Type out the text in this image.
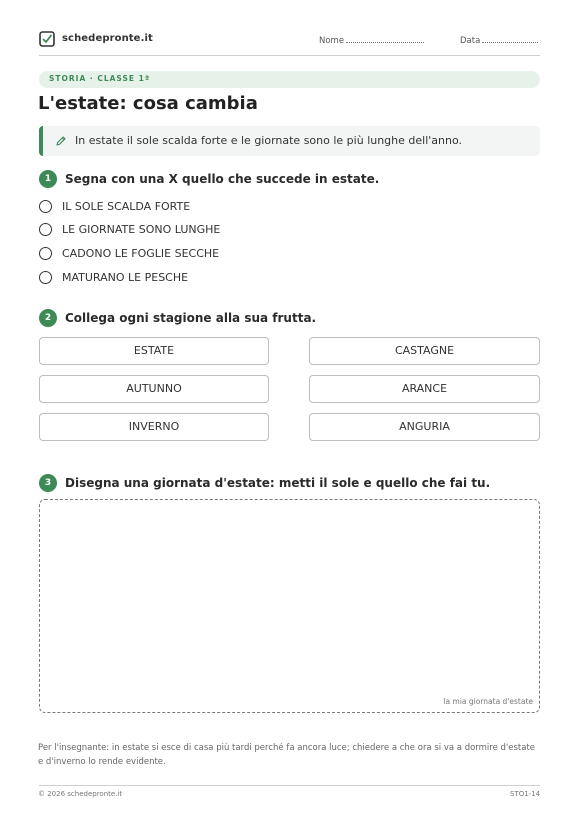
schedepronte.it	Nome	Data
STORIA · CLASSE 1ª
L'estate: cosa cambia
In estate il sole scalda forte e le giornate sono le più lunghe dell'anno.
1	Segna con una X quello che succede in estate.
IL SOLE SCALDA FORTE
LE GIORNATE SONO LUNGHE
CADONO LE FOGLIE SECCHE
MATURANO LE PESCHE
2	Collega ogni stagione alla sua frutta.
ESTATE
AUTUNNO
INVERNO
CASTAGNE
ARANCE
ANGURIA
3	Disegna una giornata d'estate: metti il sole e quello che fai tu.
la mia giornata d'estate
Per l'insegnante: in estate si esce di casa più tardi perché fa ancora luce; chiedere a che ora si va a dormire d'estate e d'inverno lo rende evidente.
© 2026 schedepronte.it	STO1-14
